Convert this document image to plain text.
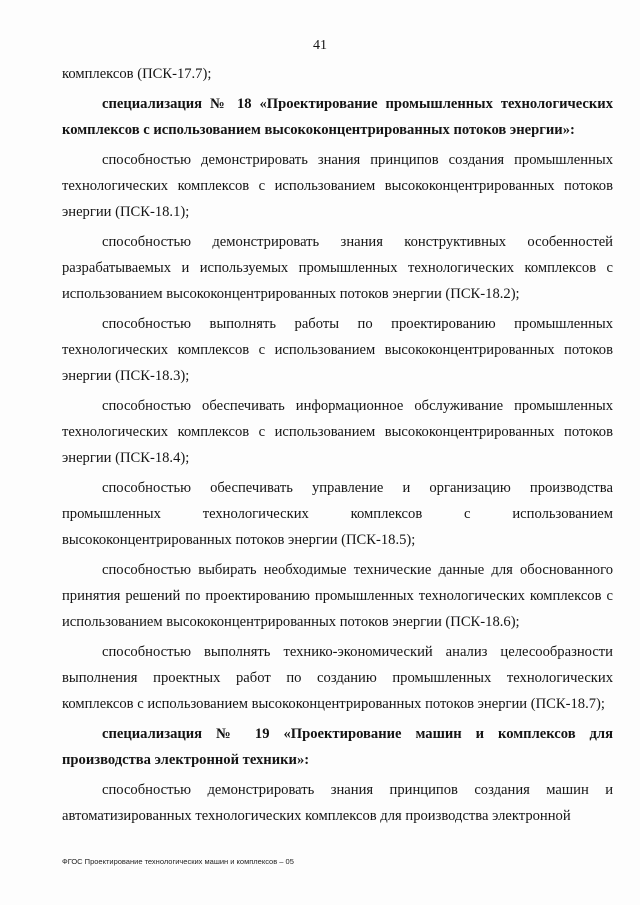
41

комплексов (ПСК-17.7);

специализация № 18 «Проектирование промышленных технологических комплексов с использованием высококонцентрированных потоков энергии»:

способностью демонстрировать знания принципов создания промышленных технологических комплексов с использованием высококонцентрированных потоков энергии (ПСК-18.1);

способностью демонстрировать знания конструктивных особенностей разрабатываемых и используемых промышленных технологических комплексов с использованием высококонцентрированных потоков энергии (ПСК-18.2);

способностью выполнять работы по проектированию промышленных технологических комплексов с использованием высококонцентрированных потоков энергии (ПСК-18.3);

способностью обеспечивать информационное обслуживание промышленных технологических комплексов с использованием высококонцентрированных потоков энергии (ПСК-18.4);

способностью обеспечивать управление и организацию производства промышленных технологических комплексов с использованием высококонцентрированных потоков энергии (ПСК-18.5);

способностью выбирать необходимые технические данные для обоснованного принятия решений по проектированию промышленных технологических комплексов с использованием высококонцентрированных потоков энергии (ПСК-18.6);

способностью выполнять технико-экономический анализ целесообразности выполнения проектных работ по созданию промышленных технологических комплексов с использованием высококонцентрированных потоков энергии (ПСК-18.7);

специализация № 19 «Проектирование машин и комплексов для производства электронной техники»:

способностью демонстрировать знания принципов создания машин и автоматизированных технологических комплексов для производства электронной

ФГОС Проектирование технологических машин и комплексов – 05
